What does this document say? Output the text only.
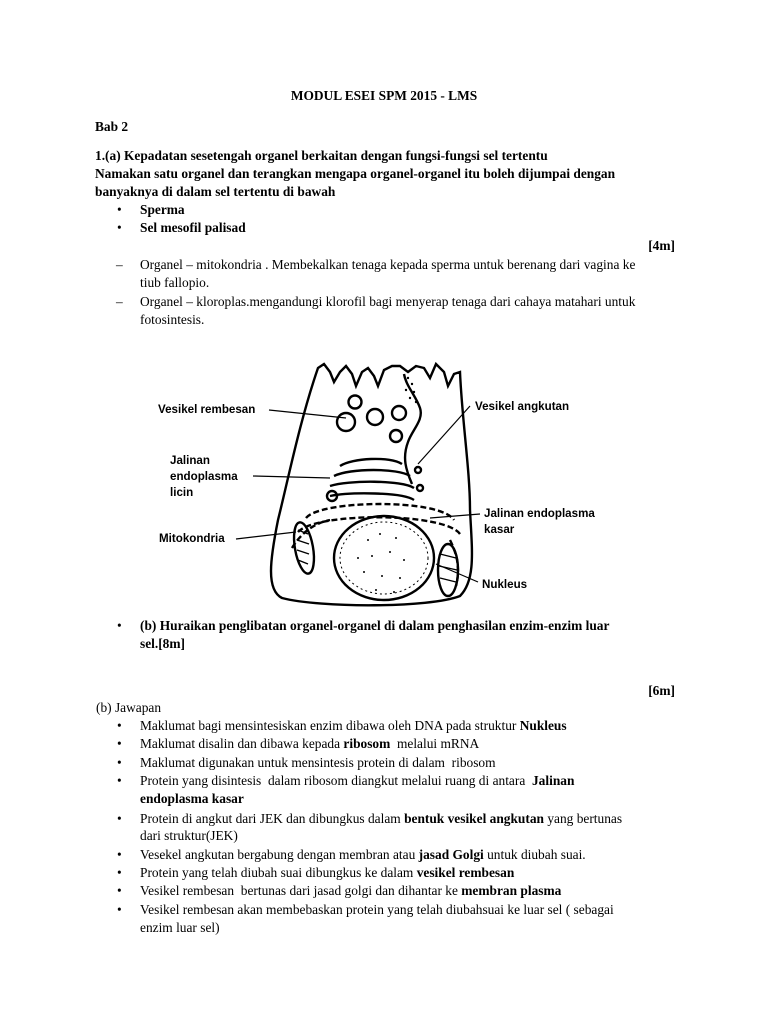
MODUL ESEI SPM 2015 - LMS
Bab 2
1.(a) Kepadatan sesetengah organel berkaitan dengan fungsi-fungsi sel tertentu
Namakan satu organel dan terangkan mengapa organel-organel itu boleh dijumpai dengan
banyaknya di dalam sel tertentu di bawah
• Sperma
• Sel mesofil palisad
[4m]
– Organel – mitokondria . Membekalkan tenaga kepada sperma untuk berenang dari vagina ke
tiub fallopio.
– Organel – kloroplas.mengandungi klorofil bagi menyerap tenaga dari cahaya matahari untuk
fotosintesis.
Vesikel rembesan	Vesikel angkutan
Jalinan
endoplasma
licin
Jalinan endoplasma
kasar
Mitokondria
Nukleus
• (b) Huraikan penglibatan organel-organel di dalam penghasilan enzim-enzim luar
sel.[8m]
[6m]
(b) Jawapan
• Maklumat bagi mensintesiskan enzim dibawa oleh DNA pada struktur Nukleus
• Maklumat disalin dan dibawa kepada ribosom  melalui mRNA
• Maklumat digunakan untuk mensintesis protein di dalam  ribosom
• Protein yang disintesis  dalam ribosom diangkut melalui ruang di antara  Jalinan
endoplasma kasar
• Protein di angkut dari JEK dan dibungkus dalam bentuk vesikel angkutan yang bertunas
dari struktur(JEK)
• Vesekel angkutan bergabung dengan membran atau jasad Golgi untuk diubah suai.
• Protein yang telah diubah suai dibungkus ke dalam vesikel rembesan
• Vesikel rembesan  bertunas dari jasad golgi dan dihantar ke membran plasma
• Vesikel rembesan akan membebaskan protein yang telah diubahsuai ke luar sel ( sebagai
enzim luar sel)
